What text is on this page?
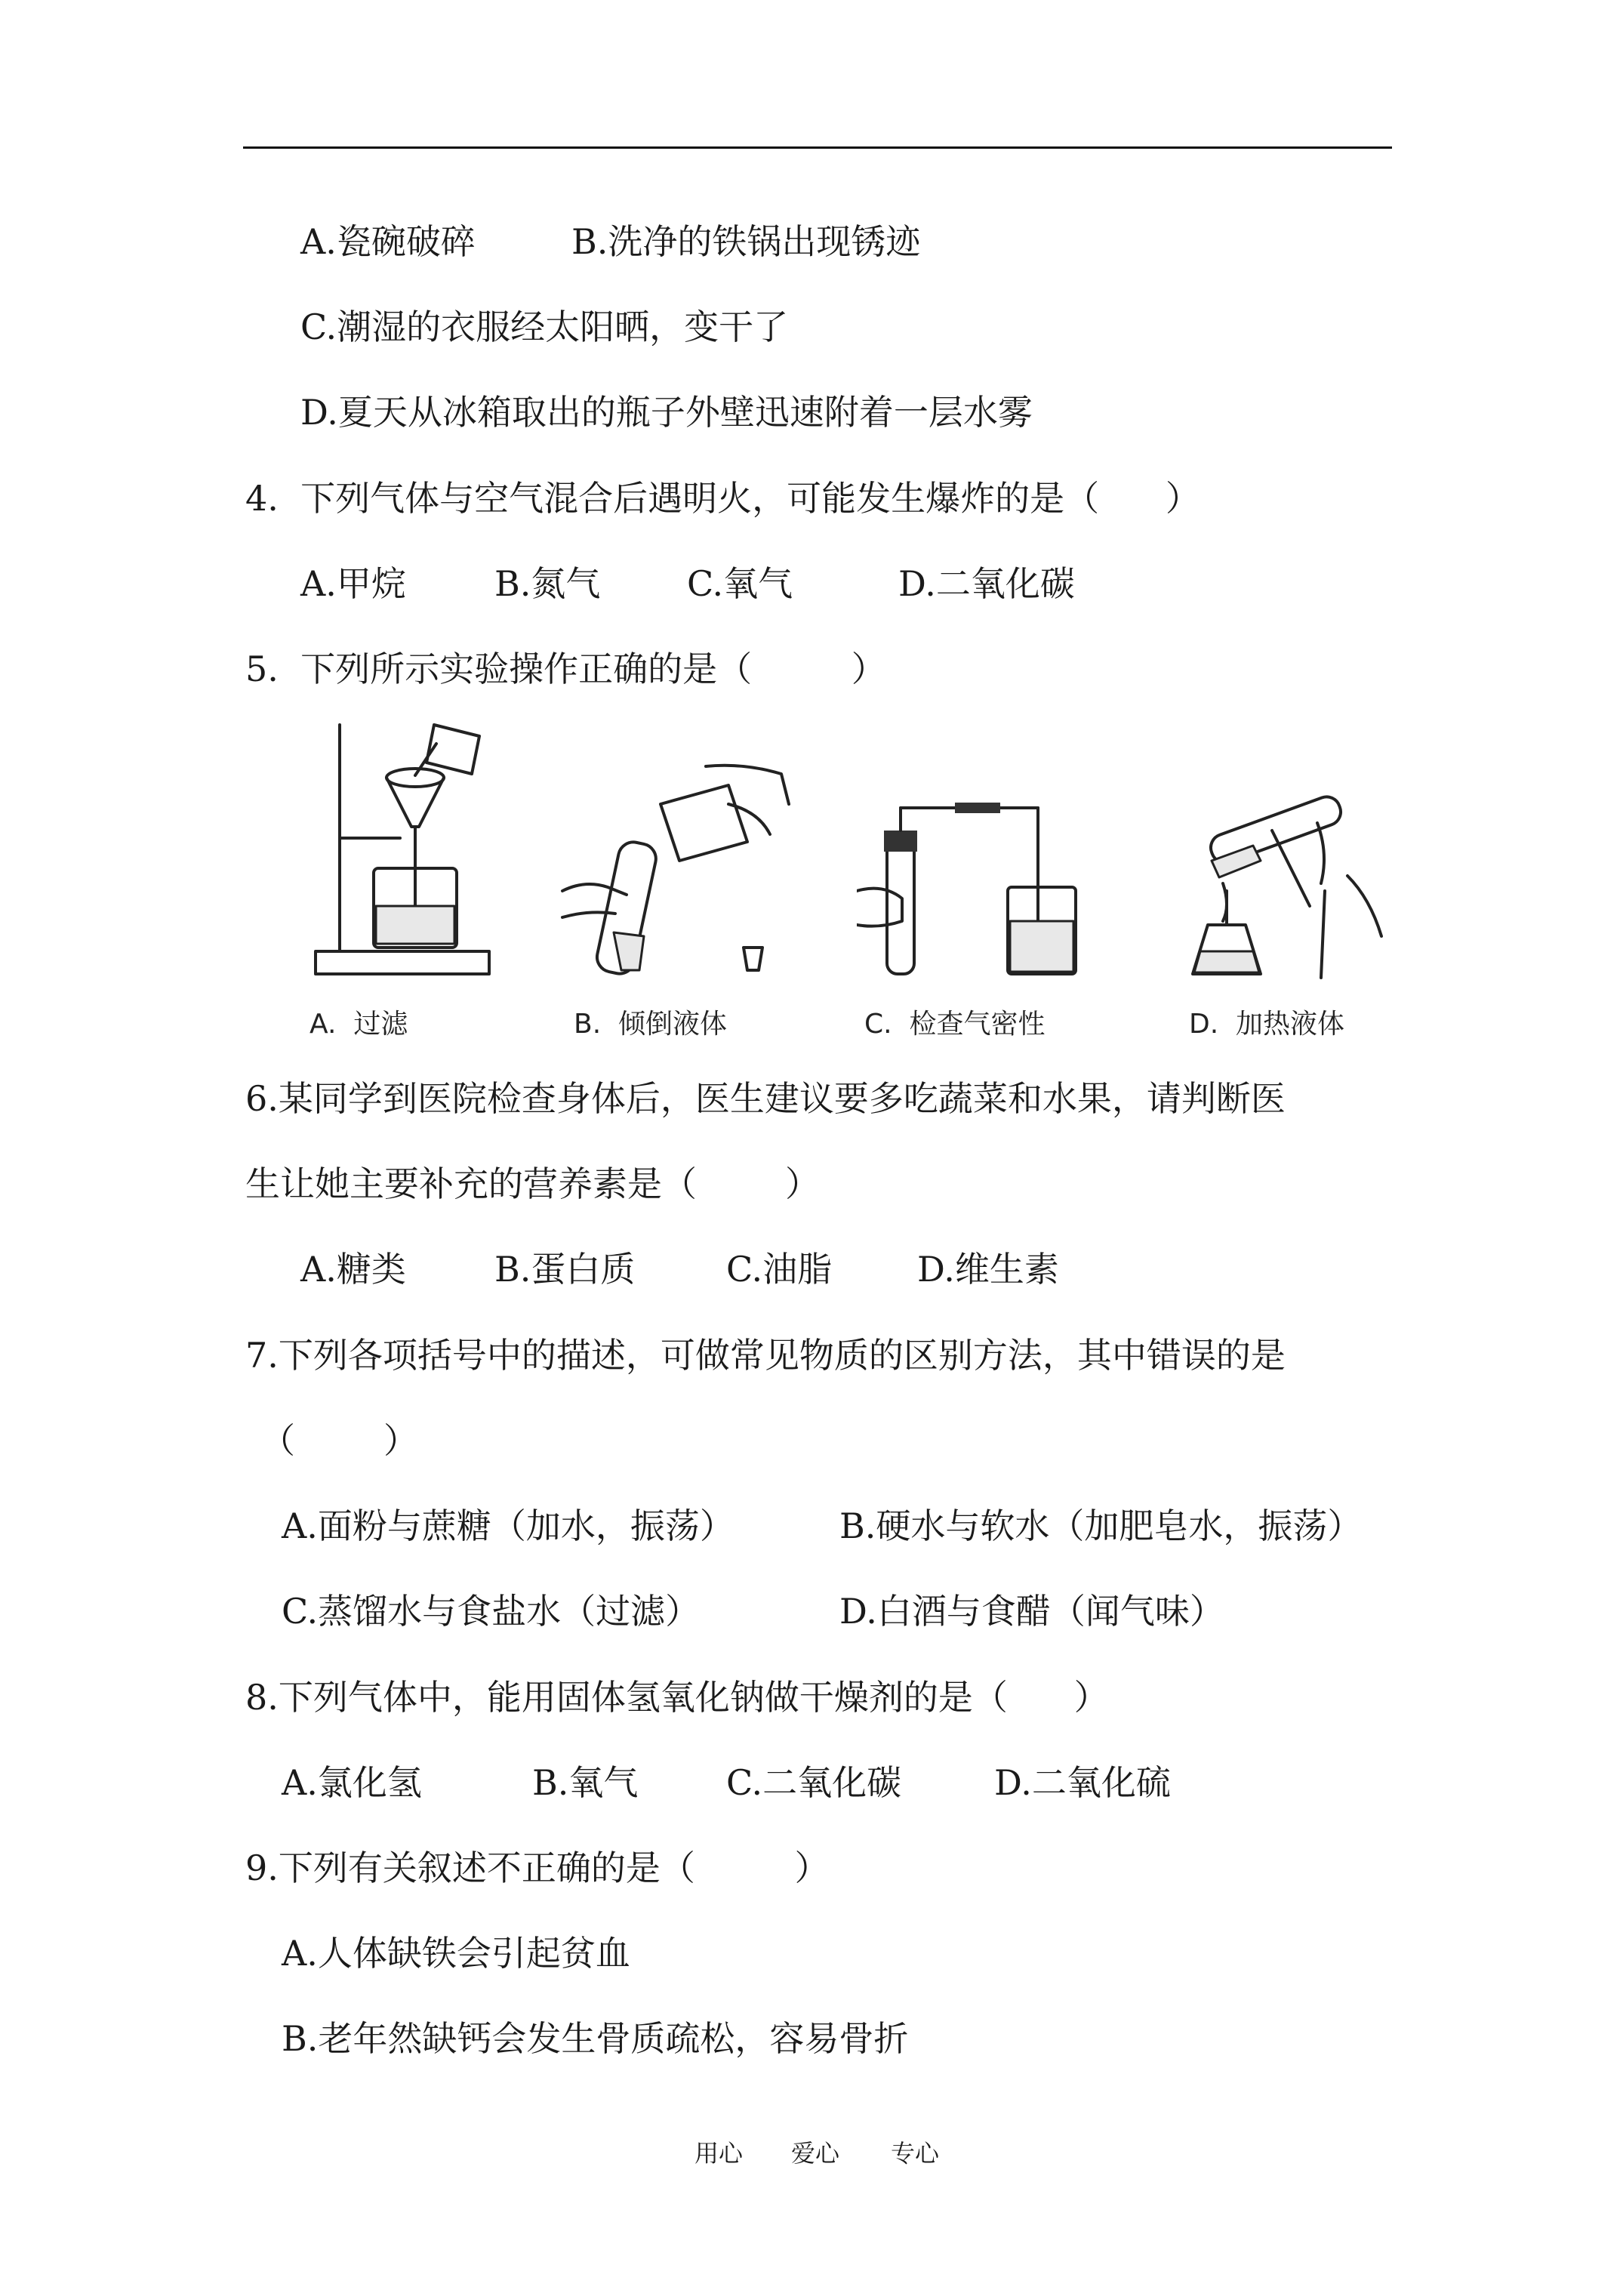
A.瓷碗破碎	B.洗净的铁锅出现锈迹
C.潮湿的衣服经太阳晒，变干了
D.夏天从冰箱取出的瓶子外壁迅速附着一层水雾
4.  下列气体与空气混合后遇明火，可能发生爆炸的是（      ）
A.甲烷	B.氮气 C.氧气	D.二氧化碳
5.  下列所示实验操作正确的是（         ）
A.  过滤	B.  倾倒液体	C.  检查气密性	D.  加热液体
6.某同学到医院检查身体后，医生建议要多吃蔬菜和水果，请判断医
生让她主要补充的营养素是（        ）
A.糖类	B.蛋白质	C.油脂 D.维生素
7.下列各项括号中的描述，可做常见物质的区别方法，其中错误的是
（        ）
A.面粉与蔗糖（加水，振荡）	B.硬水与软水（加肥皂水，振荡）
C.蒸馏水与食盐水（过滤）	D.白酒与食醋（闻气味）
8.下列气体中，能用固体氢氧化钠做干燥剂的是（      ）
A.氯化氢	B.氧气	C.二氧化碳	D.二氧化硫
9.下列有关叙述不正确的是（         ）
A.人体缺铁会引起贫血
B.老年然缺钙会发生骨质疏松，容易骨折
用心 爱心 专心
